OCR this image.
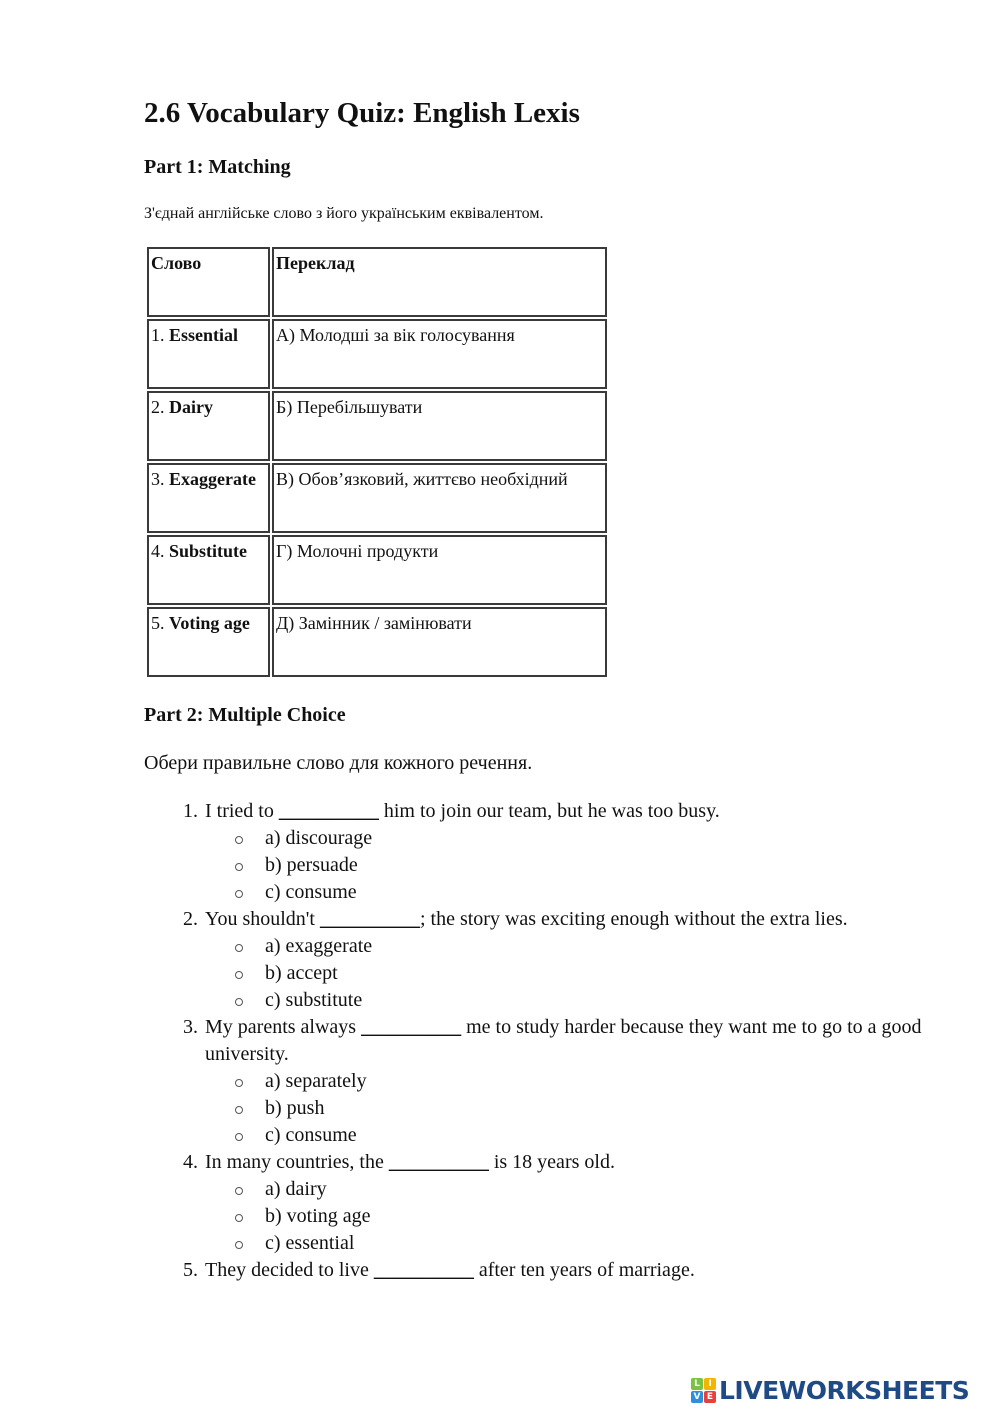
2.6 Vocabulary Quiz: English Lexis
Part 1: Matching
З'єднай англійське слово з його українським еквівалентом.
Слово	Переклад
1. Essential	А) Молодші за вік голосування
2. Dairy	Б) Перебільшувати
3. Exaggerate	В) Обов’язковий, життєво необхідний
4. Substitute	Г) Молочні продукти
5. Voting age	Д) Замінник / замінювати
Part 2: Multiple Choice
Обери правильне слово для кожного речення.
1. I tried to __________ him to join our team, but he was too busy.
a) discourage
b) persuade
c) consume
2. You shouldn't __________; the story was exciting enough without the extra lies.
a) exaggerate
b) accept
c) substitute
3. My parents always __________ me to study harder because they want me to go to a good university.
a) separately
b) push
c) consume
4. In many countries, the __________ is 18 years old.
a) dairy
b) voting age
c) essential
5. They decided to live __________ after ten years of marriage.
L I
V E LIVEWORKSHEETS
